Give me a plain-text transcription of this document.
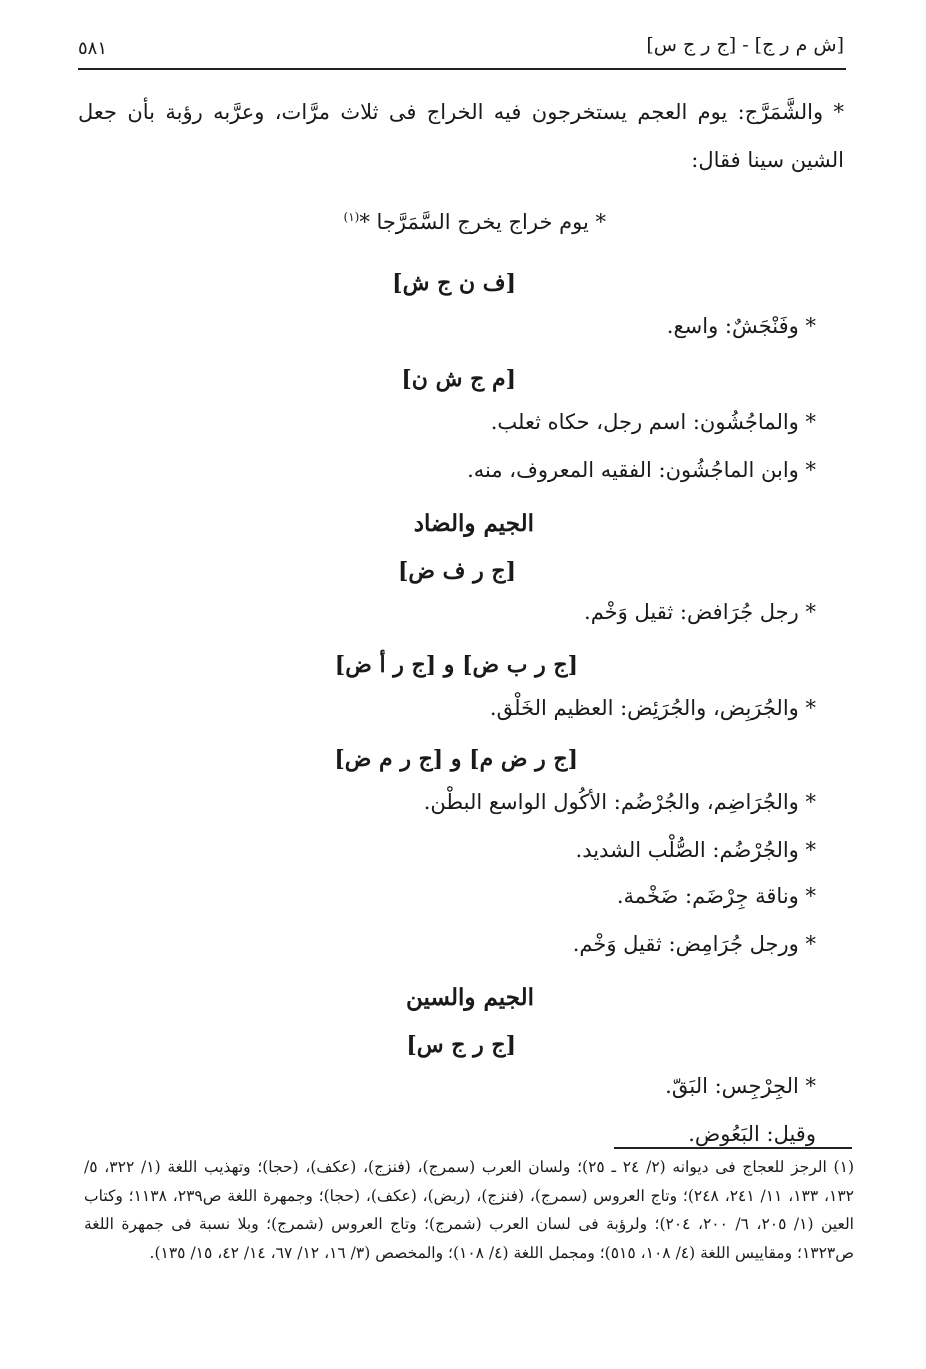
[ش م ر ج] - [ج ر ج س]
٥٨١
* والشَّمَرَّج: يوم العجم يستخرجون فيه الخراج فى ثلاث مرَّات، وعرَّبه رؤبة بأن جعل الشين سينا فقال:
* يوم خراج يخرج السَّمَرَّجا *$^{(١)}$
[ف ن ج ش]
* وفَنْجَشٌ: واسع.
[م ج ش ن]
* والماجُشُون: اسم رجل، حكاه ثعلب.
* وابن الماجُشُون: الفقيه المعروف، منه.
الجيم والضاد
[ج ر ف ض]
* رجل جُرَافض: ثقيل وَخْم.
[ج ر ب ض] و [ج ر أ ض]
* والجُرَبِض، والجُرَئِض: العظيم الخَلْق.
[ج ر ض م] و [ج ر م ض]
* والجُرَاضِم، والجُرْضُم: الأكُول الواسع البطْن.
* والجُرْضُم: الصُّلْب الشديد.
* وناقة جِرْضَم: ضَخْمة.
* ورجل جُرَامِض: ثقيل وَخْم.
الجيم والسين
[ج ر ج س]
* الجِرْجِس: البَقّ.
وقيل: البَعُوض.
(١) الرجز للعجاج فى ديوانه (٢/ ٢٤ ـ ٢٥)؛ ولسان العرب (سمرج)، (فنزج)، (عكف)، (حجا)؛ وتهذيب اللغة (١/ ٣٢٢، ٥/ ١٣٢، ١٣٣، ١١/ ٢٤١، ٢٤٨)؛ وتاج العروس (سمرج)، (فنزج)، (ربض)، (عكف)، (حجا)؛ وجمهرة اللغة ص٢٣٩، ١١٣٨؛ وكتاب العين (١/ ٢٠٥، ٦/ ٢٠٠، ٢٠٤)؛ ولرؤبة فى لسان العرب (شمرج)؛ وتاج العروس (شمرج)؛ وبلا نسبة فى جمهرة اللغة ص١٣٢٣؛ ومقاييس اللغة (٤/ ١٠٨، ٥١٥)؛ ومجمل اللغة (٤/ ١٠٨)؛ والمخصص (٣/ ١٦، ١٢/ ٦٧، ١٤/ ٤٢، ١٥/ ١٣٥).
